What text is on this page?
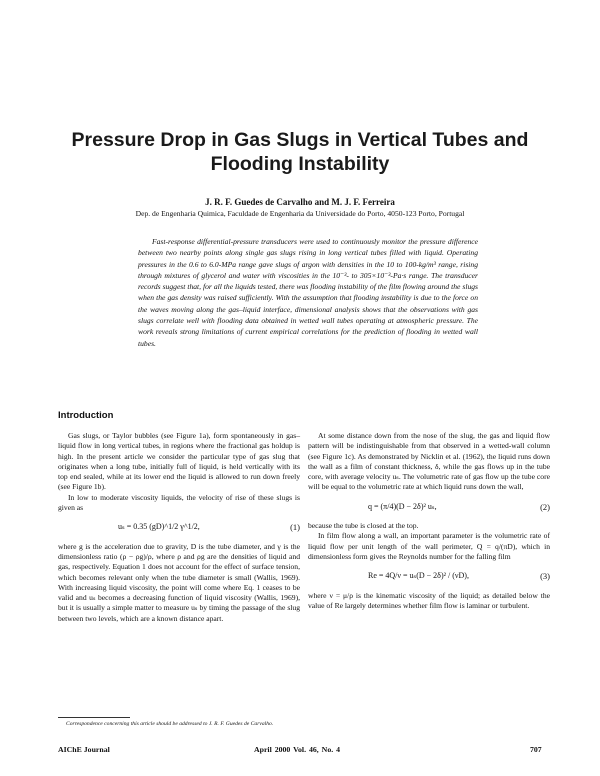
Pressure Drop in Gas Slugs in Vertical Tubes and Flooding Instability
J. R. F. Guedes de Carvalho and M. J. F. Ferreira
Dep. de Engenharia Quimica, Faculdade de Engenharia da Universidade do Porto, 4050-123 Porto, Portugal
Fast-response differential-pressure transducers were used to continuously monitor the pressure difference between two nearby points along single gas slugs rising in long vertical tubes filled with liquid. Operating pressures in the 0.6 to 6.0-MPa range gave slugs of argon with densities in the 10 to 100-kg/m³ range, rising through mixtures of glycerol and water with viscosities in the 10⁻³- to 305×10⁻³-Pa·s range. The transducer records suggest that, for all the liquids tested, there was flooding instability of the film flowing around the slugs when the gas density was raised sufficiently. With the assumption that flooding instability is due to the force on the waves moving along the gas–liquid interface, dimensional analysis shows that the observations with gas slugs correlate well with flooding data obtained in wetted wall tubes operating at atmospheric pressure. The work reveals strong limitations of current empirical correlations for the prediction of flooding in wetted wall tubes.
Introduction

Gas slugs, or Taylor bubbles (see Figure 1a), form spontaneously in gas–liquid flow in long vertical tubes, in regions where the fractional gas holdup is high. In the present article we consider the particular type of gas slug that originates when a long tube, initially full of liquid, is held vertically with its top end sealed, while at its lower end the liquid is allowed to run down freely (see Figure 1b).

In low to moderate viscosity liquids, the velocity of rise of these slugs is given as

uₛ = 0.35 (gD)^1/2 γ^1/2,	(1)

where g is the acceleration due to gravity, D is the tube diameter, and γ is the dimensionless ratio (ρ − ρg)/ρ, where ρ and ρg are the densities of liquid and gas, respectively. Equation 1 does not account for the effect of surface tension, which becomes relevant only when the tube diameter is small (Wallis, 1969). With increasing liquid viscosity, the point will come where Eq. 1 ceases to be valid and uₛ becomes a decreasing function of liquid viscosity (Wallis, 1969), but it is usually a simple matter to measure uₛ by timing the passage of the slug between two levels, which are a known distance apart.

At some distance down from the nose of the slug, the gas and liquid flow pattern will be indistinguishable from that observed in a wetted-wall column (see Figure 1c). As demonstrated by Nicklin et al. (1962), the liquid runs down the wall as a film of constant thickness, δ, while the gas flows up in the tube core, with average velocity uₛ. The volumetric rate of gas flow up the tube core will be equal to the volumetric rate at which liquid runs down the wall,

q = (π/4)(D − 2δ)² uₛ,	(2)

because the tube is closed at the top.

In film flow along a wall, an important parameter is the volumetric rate of liquid flow per unit length of the wall perimeter, Q = q/(πD), which in dimensionless form gives the Reynolds number for the falling film

Re = 4Q/ν = uₛ(D − 2δ)² / (νD),	(3)

where ν = μ/ρ is the kinematic viscosity of the liquid; as detailed below the value of Re largely determines whether film flow is laminar or turbulent.

Correspondence concerning this article should be addressed to J. R. F. Guedes de Carvalho.
AIChE Journal	April 2000 Vol. 46, No. 4	707
